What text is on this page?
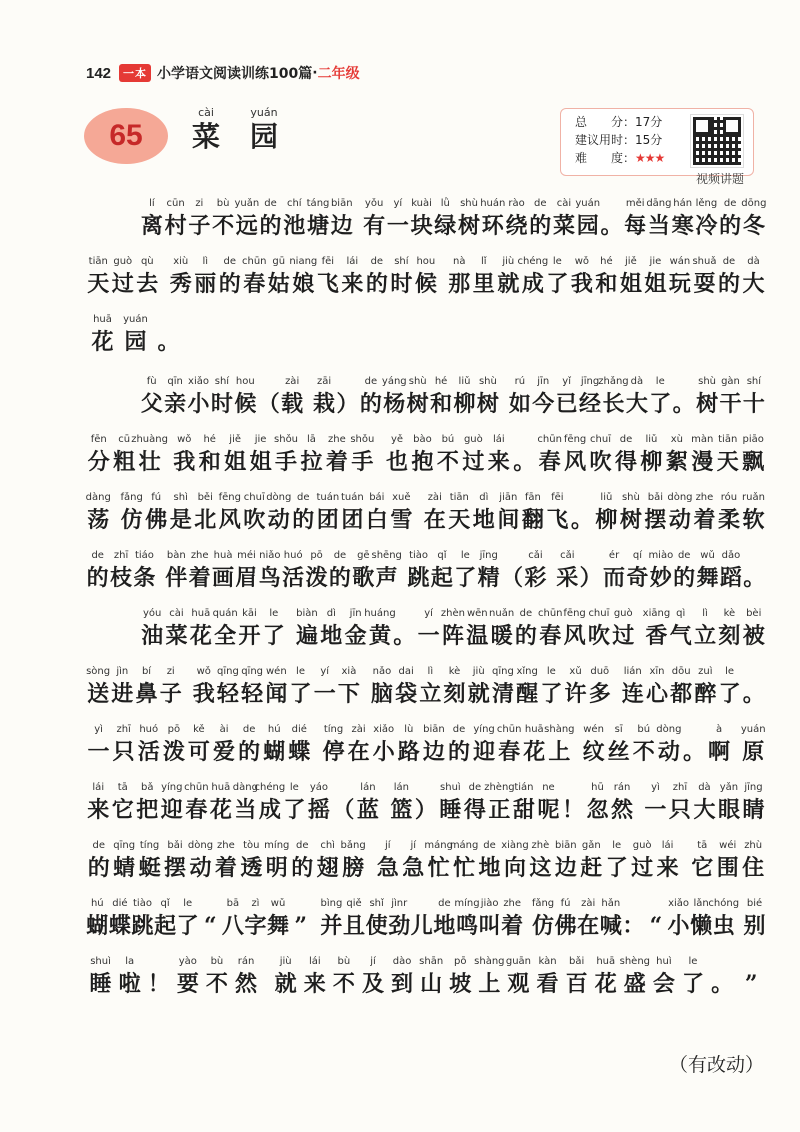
142	一本 小学语文阅读训练100篇 · 二年级
65
cài
菜
yuán
园	总　　分：17分
建议用时：15分
难　　度：★★★
视频讲题
lí
离
cūn
村
zi
子
bù
不
yuǎn
远
de
的
chí
池
táng
塘
biān
边
yǒu
有
yí
一
kuài
块
lǜ
绿
shù
树
huán
环
rào
绕
de
的
cài
菜
yuán
园 。
měi
每
dāng
当
hán
寒
lěng
冷
de
的
dōng
冬
tiān
天
guò
过
qù
去
xiù
秀
lì
丽
de
的
chūn
春
gū
姑
niang
娘
fēi
飞
lái
来
de
的
shí
时
hou
候
nà
那
lǐ
里
jiù
就
chéng
成
le
了
wǒ
我
hé
和
jiě
姐
jie
姐
wán
玩
shuǎ
耍
de
的
dà
大
huā
花
yuán
园 。
fù
父
qīn
亲
xiǎo
小
shí
时
hou
候 （
zài
载
zāi
栽 ）
de
的
yáng
杨
shù
树
hé
和
liǔ
柳
shù
树
rú
如
jīn
今
yǐ
已
jīng
经
zhǎng
长
dà
大
le
了 。
shù
树
gàn
干
shí
十
fēn
分
cū
粗
zhuàng
壮
wǒ
我
hé
和
jiě
姐
jie
姐
shǒu
手
lā
拉
zhe
着
shǒu
手
yě
也
bào
抱
bú
不
guò
过
lái
来 。
chūn
春
fēng
风
chuī
吹
de
得
liǔ
柳
xù
絮
màn
漫
tiān
天
piāo
飘
dàng
荡
fǎng
仿
fú
佛
shì
是
běi
北
fēng
风
chuī
吹
dòng
动
de
的
tuán
团
tuán
团
bái
白
xuě
雪
zài
在
tiān
天
dì
地
jiān
间
fān
翻
fēi
飞 。
liǔ
柳
shù
树
bǎi
摆
dòng
动
zhe
着
róu
柔
ruǎn
软
de
的
zhī
枝
tiáo
条
bàn
伴
zhe
着
huà
画
méi
眉
niǎo
鸟
huó
活
pō
泼
de
的
gē
歌
shēng
声
tiào
跳
qǐ
起
le
了
jīng
精 （
cǎi
彩
cǎi
采 ）
ér
而
qí
奇
miào
妙
de
的
wǔ
舞
dǎo
蹈 。
yóu
油
cài
菜
huā
花
quán
全
kāi
开
le
了
biàn
遍
dì
地
jīn
金
huáng
黄 。
yí
一
zhèn
阵
wēn
温
nuǎn
暖
de
的
chūn
春
fēng
风
chuī
吹
guò
过
xiāng
香
qì
气
lì
立
kè
刻
bèi
被
sòng
送
jìn
进
bí
鼻
zi
子
wǒ
我
qīng
轻
qīng
轻
wén
闻
le
了
yí
一
xià
下
nǎo
脑
dai
袋
lì
立
kè
刻
jiù
就
qīng
清
xǐng
醒
le
了
xǔ
许
duō
多
lián
连
xīn
心
dōu
都
zuì
醉
le
了 。
yì
一
zhī
只
huó
活
pō
泼
kě
可
ài
爱
de
的
hú
蝴
dié
蝶
tíng
停
zài
在
xiǎo
小
lù
路
biān
边
de
的
yíng
迎
chūn
春
huā
花
shàng
上
wén
纹
sī
丝
bú
不
dòng
动 。
à
啊
yuán
原
lái
来
tā
它
bǎ
把
yíng
迎
chūn
春
huā
花
dàng
当
chéng
成
le
了
yáo
摇 （
lán
蓝
lán
篮 ）
shuì
睡
de
得
zhèng
正
tián
甜
ne
呢 ！
hū
忽
rán
然
yì
一
zhī
只
dà
大
yǎn
眼
jīng
睛
de
的
qīng
蜻
tíng
蜓
bǎi
摆
dòng
动
zhe
着
tòu
透
míng
明
de
的
chì
翅
bǎng
膀
jí
急
jí
急
máng
忙
máng
忙
de
地
xiàng
向
zhè
这
biān
边
gǎn
赶
le
了
guò
过
lái
来
tā
它
wéi
围
zhù
住
hú
蝴
dié
蝶
tiào
跳
qǐ
起
le
了 “
bā
八
zì
字
wǔ
舞 ”
bìng
并
qiě
且
shǐ
使
jìnr
劲 儿
de
地
míng
鸣
jiào
叫
zhe
着
fǎng
仿
fú
佛
zài
在
hǎn
喊 ： “
xiǎo
小
lǎn
懒
chóng
虫
bié
别
shuì
睡
la
啦 ！
yào
要
bù
不
rán
然
jiù
就
lái
来
bù
不
jí
及
dào
到
shān
山
pō
坡
shàng
上
guān
观
kàn
看
bǎi
百
huā
花
shèng
盛
huì
会
le
了 。 ”
（有改动）
